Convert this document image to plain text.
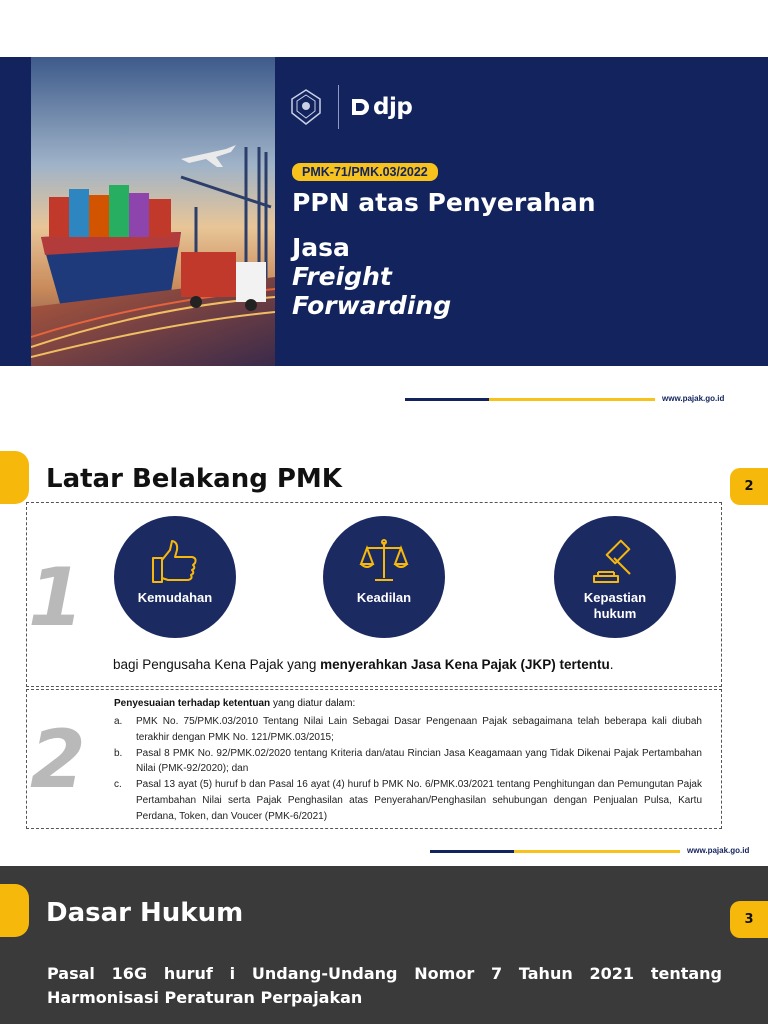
djp
PMK-71/PMK.03/2022
PPN atas Penyerahan
Jasa
Freight
Forwarding
www.pajak.go.id
Latar Belakang PMK	2
1	Kemudahan	Keadilan	Kepastian
hukum
bagi Pengusaha Kena Pajak yang menyerahkan Jasa Kena Pajak (JKP) tertentu.
2
Penyesuaian terhadap ketentuan yang diatur dalam:
a.	PMK No. 75/PMK.03/2010 Tentang Nilai Lain Sebagai Dasar Pengenaan Pajak sebagaimana telah beberapa kali diubah terakhir dengan PMK No. 121/PMK.03/2015;
b.	Pasal 8 PMK No. 92/PMK.02/2020 tentang Kriteria dan/atau Rincian Jasa Keagamaan yang Tidak Dikenai Pajak Pertambahan Nilai (PMK-92/2020); dan
c.	Pasal 13 ayat (5) huruf b dan Pasal 16 ayat (4) huruf b PMK No. 6/PMK.03/2021 tentang Penghitungan dan Pemungutan Pajak Pertambahan Nilai serta Pajak Penghasilan atas Penyerahan/Penghasilan sehubungan dengan Penjualan Pulsa, Kartu Perdana, Token, dan Voucer (PMK-6/2021)
www.pajak.go.id
Dasar Hukum	3
Pasal 16G huruf i Undang-Undang Nomor 7 Tahun 2021 tentang Harmonisasi Peraturan Perpajakan
